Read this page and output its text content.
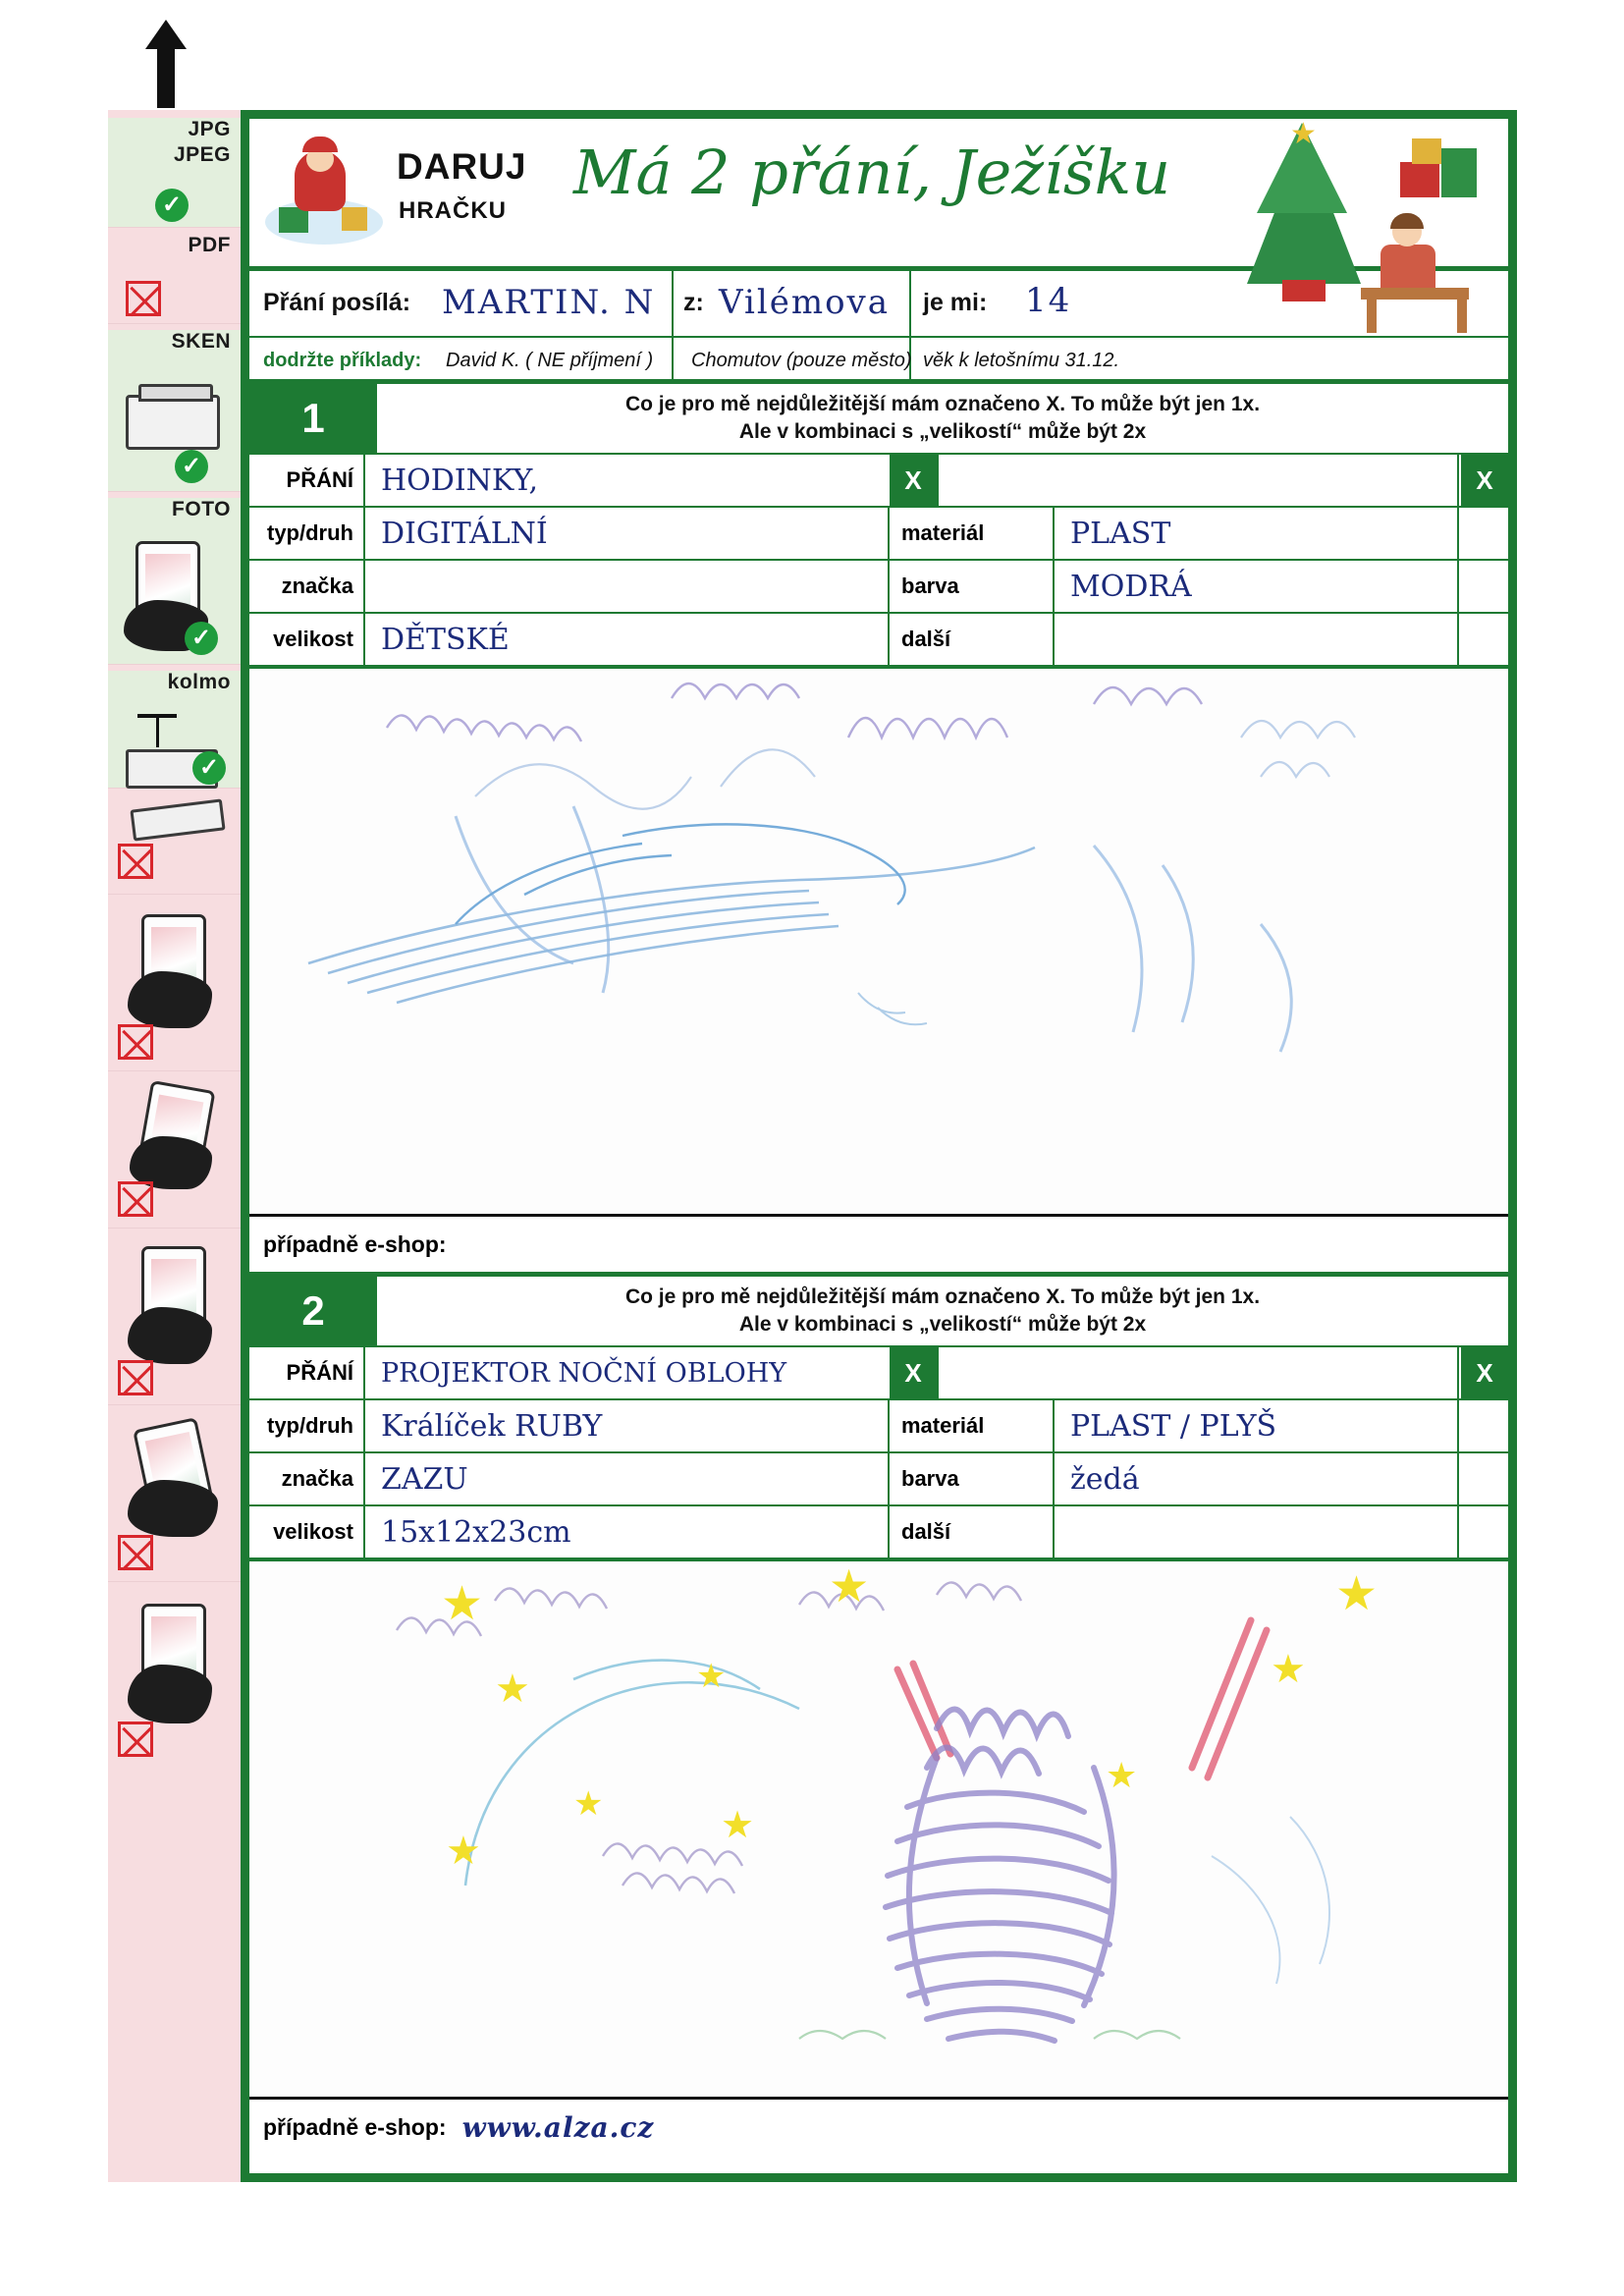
JPG
JPEG
✓
PDF
SKEN
✓
FOTO
✓
kolmo
✓
DARUJ
HRAČKU
Má 2 přání, Ježíšku
★
Přání posílá: MARTIN. N z: Vilémova je mi: 14
dodržte příklady: David K. ( NE příjmení ) Chomutov (pouze město) věk k letošnímu 31.12.
1	Co je pro mě nejdůležitější mám označeno X. To může být jen 1x.
Ale v kombinaci s „velikostí“ může být 2x
PŘÁNÍ HODINKY,	X	X
typ/druh DIGITÁLNÍ	materiál	PLAST
značka	barva	MODRÁ
velikost DĚTSKÉ	další
případně e-shop:
2	Co je pro mě nejdůležitější mám označeno X. To může být jen 1x.
Ale v kombinaci s „velikostí“ může být 2x
PŘÁNÍ	PROJEKTOR NOČNÍ OBLOHY	X	X
typ/druh Králíček RUBY	materiál	PLAST / PLYŠ
značka ZAZU	barva	žedá
velikost 15x12x23cm	další
★
★
★
★	★
★
★
★
★
★
případně e-shop: www.alza.cz
